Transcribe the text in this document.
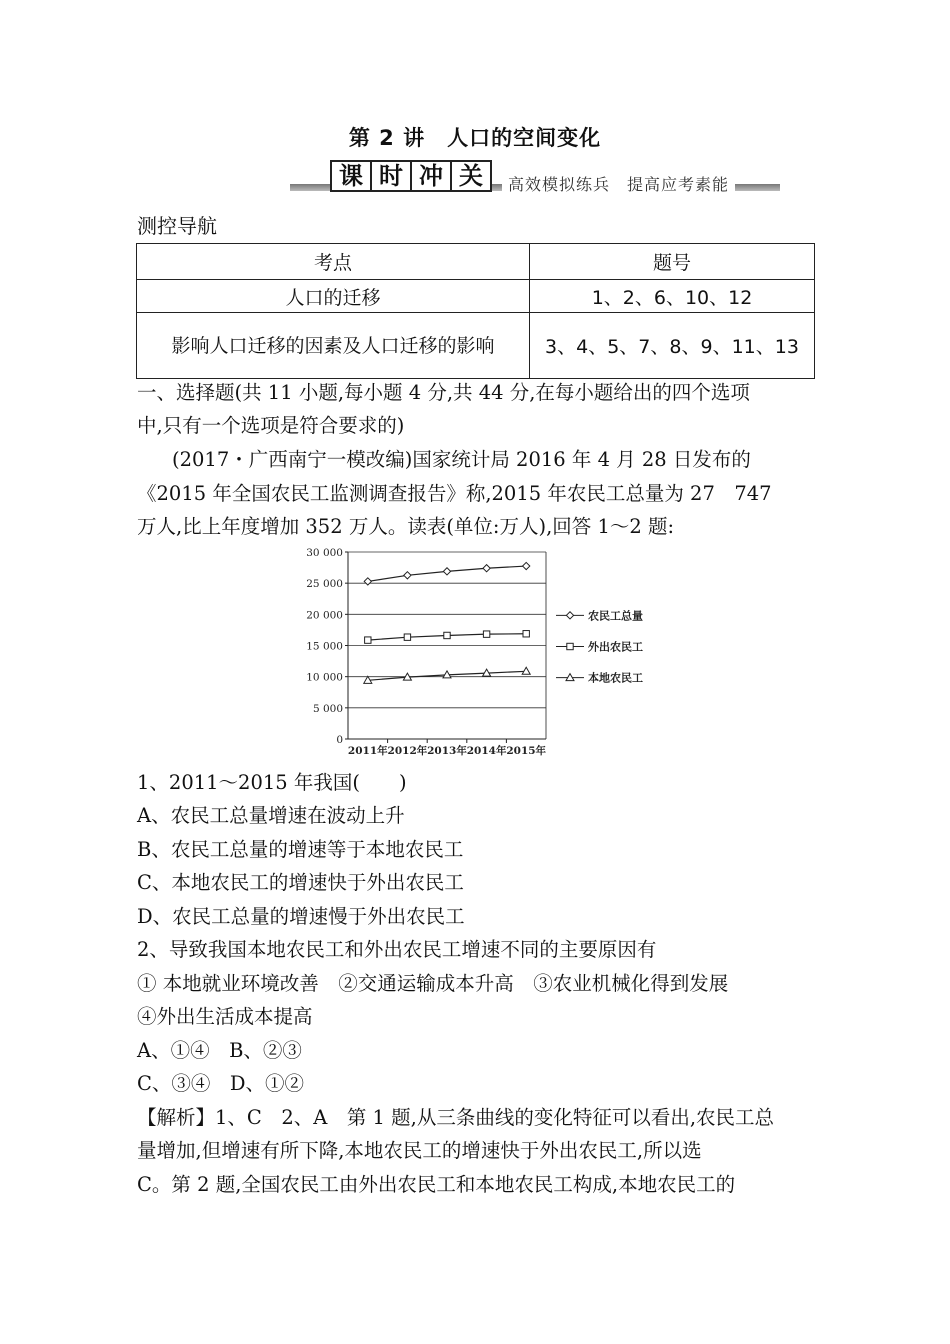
第 2 讲　人口的空间变化
课 时 冲 关	高效模拟练兵　提高应考素能
测控导航
考点	题号
人口的迁移	1、2、6、10、12
影响人口迁移的因素及人口迁移的影响	3、4、5、7、8、9、11、13
一、选择题(共 11 小题,每小题 4 分,共 44 分,在每小题给出的四个选项
中,只有一个选项是符合要求的)
(2017・广西南宁一模改编)国家统计局 2016 年 4 月 28 日发布的
《2015 年全国农民工监测调查报告》称,2015 年农民工总量为 27　747
万人,比上年度增加 352 万人。读表(单位:万人),回答 1～2 题:
0
5 000
10 000
15 000
20 000
25 000
30 000
2011年 2012年 2013年 2014年 2015年
农民工总量
外出农民工
本地农民工
1、2011～2015 年我国(　　)
A、农民工总量增速在波动上升
B、农民工总量的增速等于本地农民工
C、本地农民工的增速快于外出农民工
D、农民工总量的增速慢于外出农民工
2、导致我国本地农民工和外出农民工增速不同的主要原因有
① 本地就业环境改善　②交通运输成本升高　③农业机械化得到发展
④外出生活成本提高
A、①④　B、②③
C、③④　D、①②
【解析】1、C　2、A　第 1 题,从三条曲线的变化特征可以看出,农民工总
量增加,但增速有所下降,本地农民工的增速快于外出农民工,所以选
C。第 2 题,全国农民工由外出农民工和本地农民工构成,本地农民工的
